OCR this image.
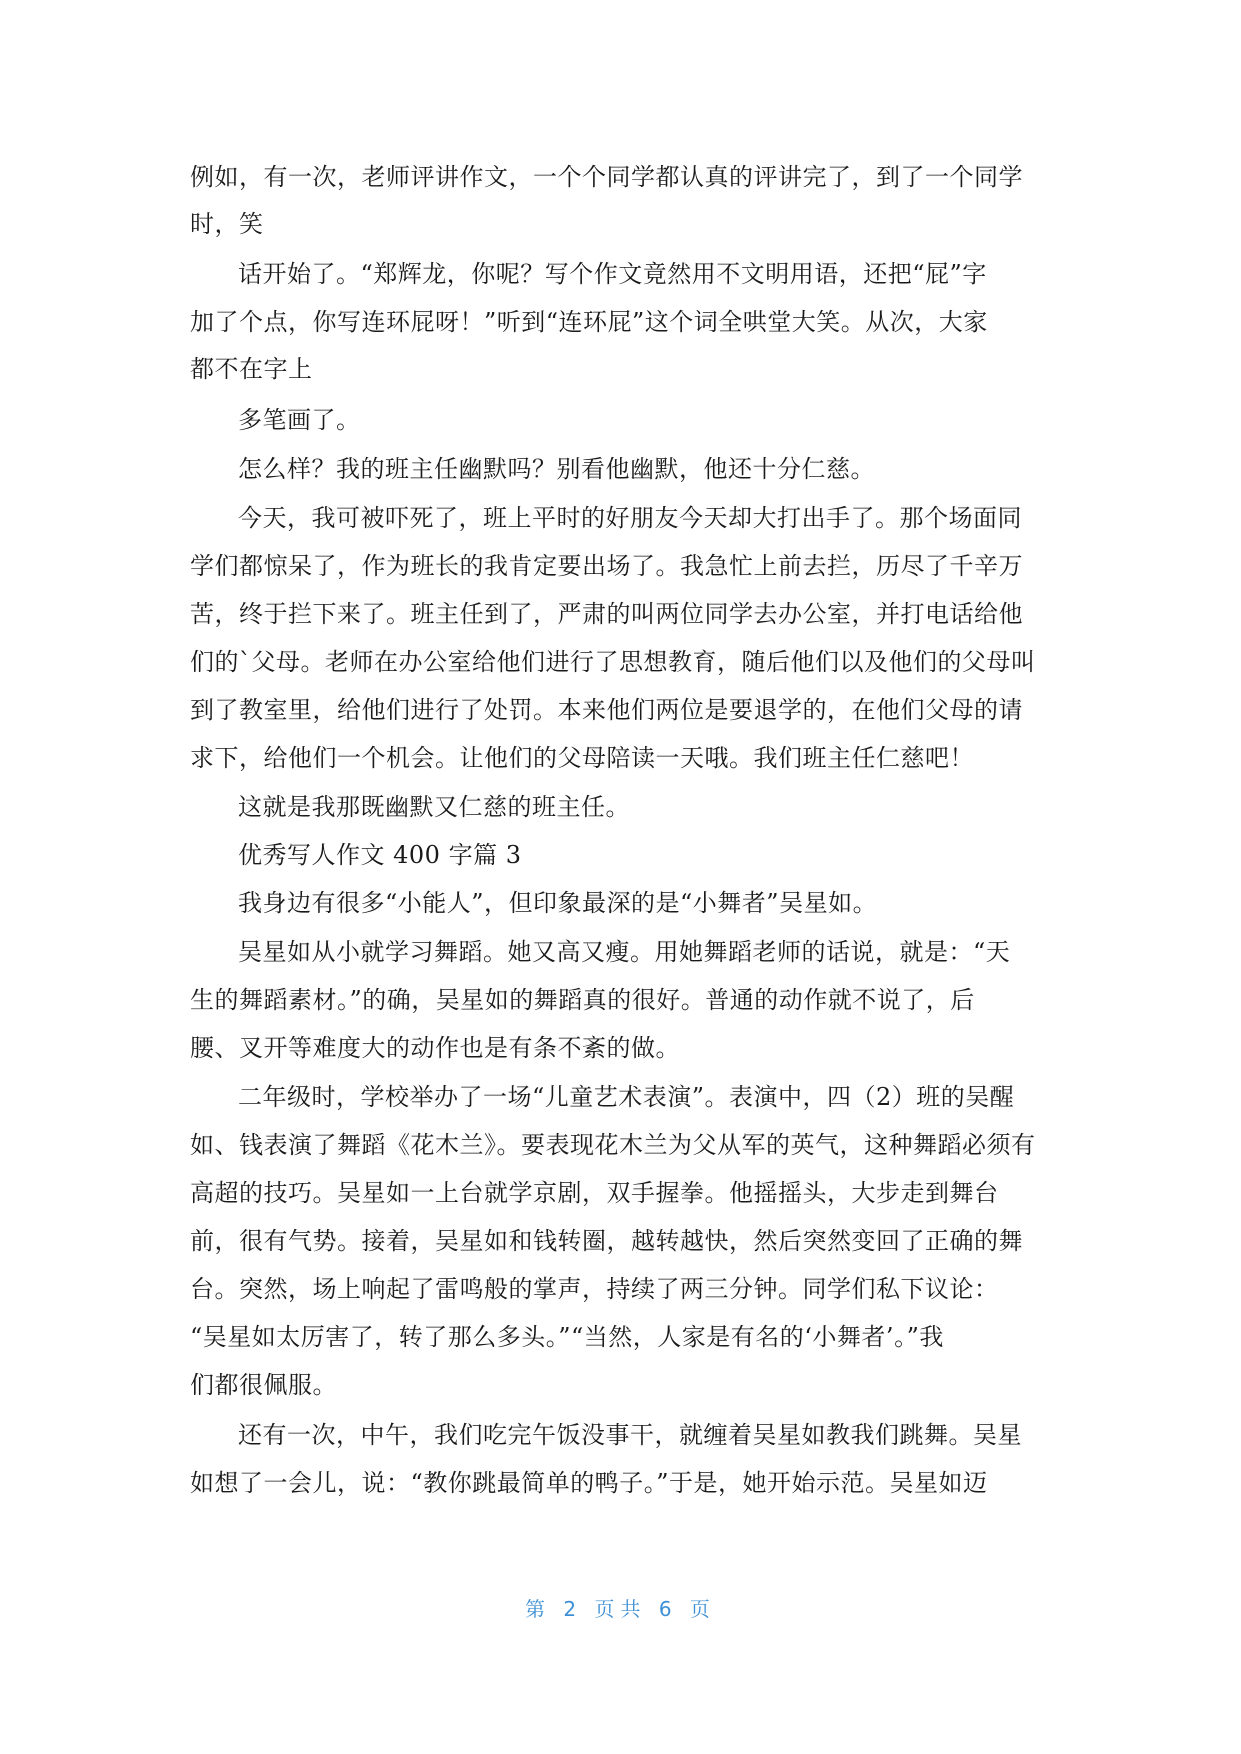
例如，有一次，老师评讲作文，一个个同学都认真的评讲完了，到了一个同学
时，笑
话开始了。“郑辉龙，你呢？写个作文竟然用不文明用语，还把“屁”字
加了个点，你写连环屁呀！”听到“连环屁”这个词全哄堂大笑。从次，大家
都不在字上
多笔画了。
怎么样？我的班主任幽默吗？别看他幽默，他还十分仁慈。
今天，我可被吓死了，班上平时的好朋友今天却大打出手了。那个场面同
学们都惊呆了，作为班长的我肯定要出场了。我急忙上前去拦，历尽了千辛万
苦，终于拦下来了。班主任到了，严肃的叫两位同学去办公室，并打电话给他
们的`父母。老师在办公室给他们进行了思想教育，随后他们以及他们的父母叫
到了教室里，给他们进行了处罚。本来他们两位是要退学的，在他们父母的请
求下，给他们一个机会。让他们的父母陪读一天哦。我们班主任仁慈吧！
这就是我那既幽默又仁慈的班主任。
优秀写人作文 400 字篇 3
我身边有很多“小能人”，但印象最深的是“小舞者”吴星如。
吴星如从小就学习舞蹈。她又高又瘦。用她舞蹈老师的话说，就是：“天
生的舞蹈素材。”的确，吴星如的舞蹈真的很好。普通的动作就不说了，后
腰、叉开等难度大的动作也是有条不紊的做。
二年级时，学校举办了一场“儿童艺术表演”。表演中，四（2）班的吴醒
如、钱表演了舞蹈《花木兰》。要表现花木兰为父从军的英气，这种舞蹈必须有
高超的技巧。吴星如一上台就学京剧，双手握拳。他摇摇头，大步走到舞台
前，很有气势。接着，吴星如和钱转圈，越转越快，然后突然变回了正确的舞
台。突然，场上响起了雷鸣般的掌声，持续了两三分钟。同学们私下议论：
“吴星如太厉害了，转了那么多头。”“当然，人家是有名的‘小舞者’。”我
们都很佩服。
还有一次，中午，我们吃完午饭没事干，就缠着吴星如教我们跳舞。吴星
如想了一会儿，说：“教你跳最简单的鸭子。”于是，她开始示范。吴星如迈
第 2 页共 6 页
